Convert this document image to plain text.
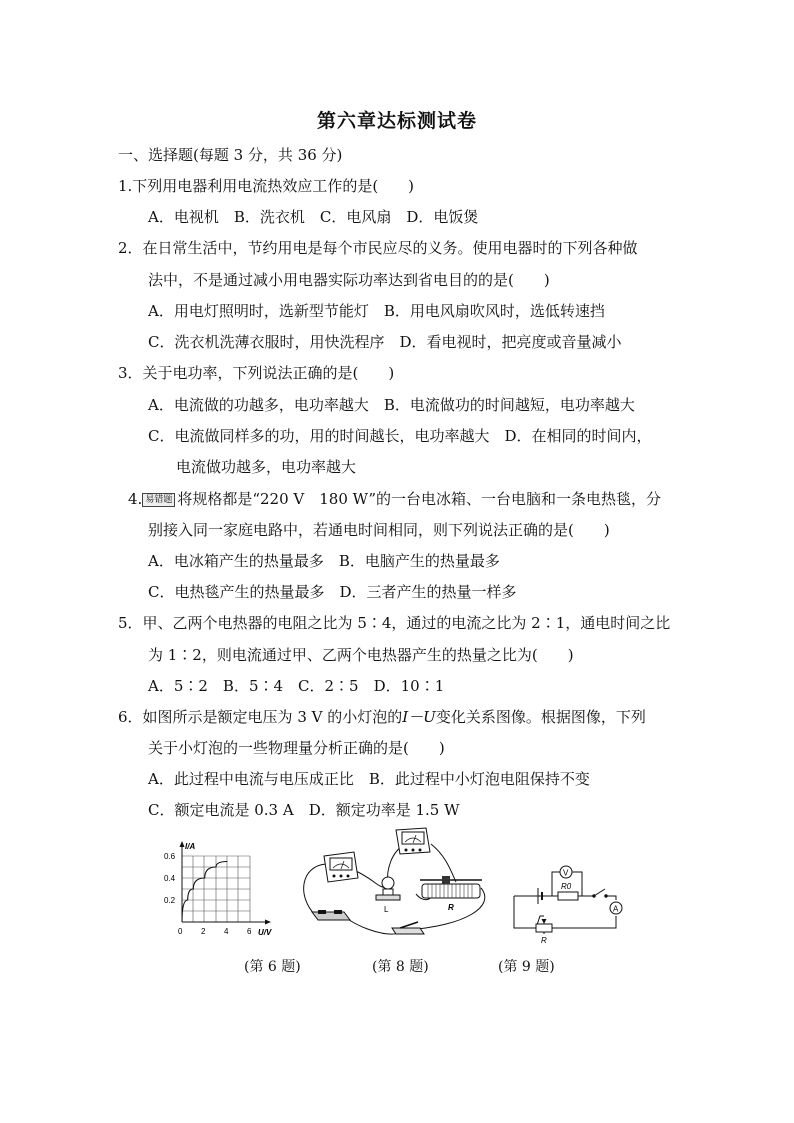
第六章达标测试卷
一、选择题(每题 3 分，共 36 分)
1.下列用电器利用电流热效应工作的是(　　)
A．电视机　B．洗衣机　C．电风扇　D．电饭煲
2．在日常生活中，节约用电是每个市民应尽的义务。使用电器时的下列各种做
法中，不是通过减小用电器实际功率达到省电目的的是(　　)
A．用电灯照明时，选新型节能灯　B．用电风扇吹风时，选低转速挡
C．洗衣机洗薄衣服时，用快洗程序　D．看电视时，把亮度或音量减小
3．关于电功率，下列说法正确的是(　　)
A．电流做的功越多，电功率越大　B．电流做功的时间越短，电功率越大
C．电流做同样多的功，用的时间越长，电功率越大　D．在相同的时间内，
电流做功越多，电功率越大
4. 易错题 将规格都是“220 V　180 W”的一台电冰箱、一台电脑和一条电热毯，分
别接入同一家庭电路中，若通电时间相同，则下列说法正确的是(　　)
A．电冰箱产生的热量最多　B．电脑产生的热量最多
C．电热毯产生的热量最多　D．三者产生的热量一样多
5．甲、乙两个电热器的电阻之比为 5∶4，通过的电流之比为 2∶1，通电时间之比
为 1∶2，则电流通过甲、乙两个电热器产生的热量之比为(　　)
A．5∶2　B．5∶4　C．2∶5　D．10∶1
6．如图所示是额定电压为 3 V 的小灯泡的I－U变化关系图像。根据图像，下列
关于小灯泡的一些物理量分析正确的是(　　)
A．此过程中电流与电压成正比　B．此过程中小灯泡电阻保持不变
C．额定电流是 0.3 A　D．额定功率是 1.5 W
I/A
U/V
0.6
0.4
0.2
0 2 4 6
L	R
V
R0
A
R
(第 6 题)	(第 8 题)	(第 9 题)
